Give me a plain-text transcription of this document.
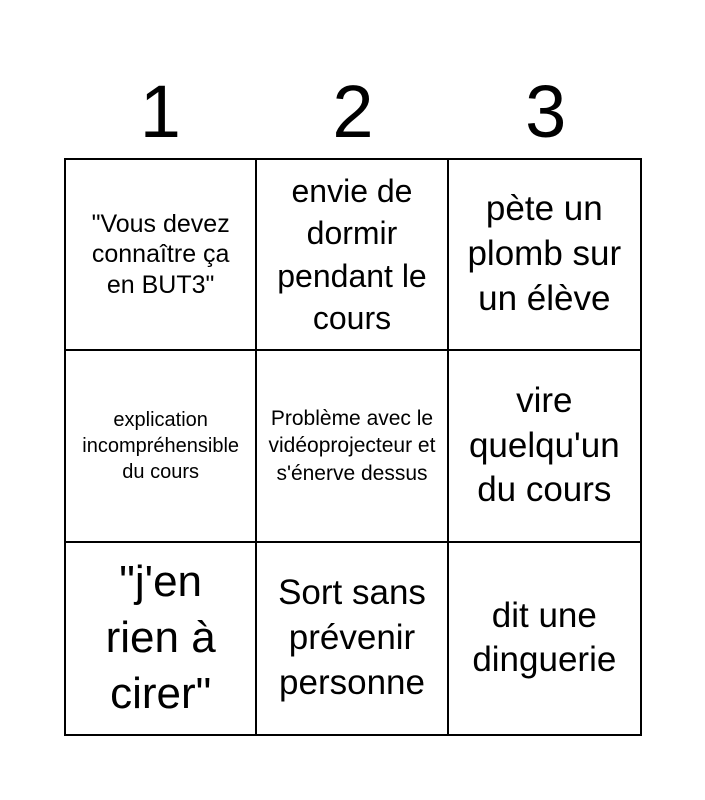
1	2	3
"Vous devez connaître ça en BUT3"
envie de dormir pendant le cours
pète un plomb sur un élève
explication incompréhensible du cours
Problème avec le vidéoprojecteur et s'énerve dessus
vire quelqu'un du cours
"j'en rien à cirer"
Sort sans prévenir personne
dit une dinguerie
